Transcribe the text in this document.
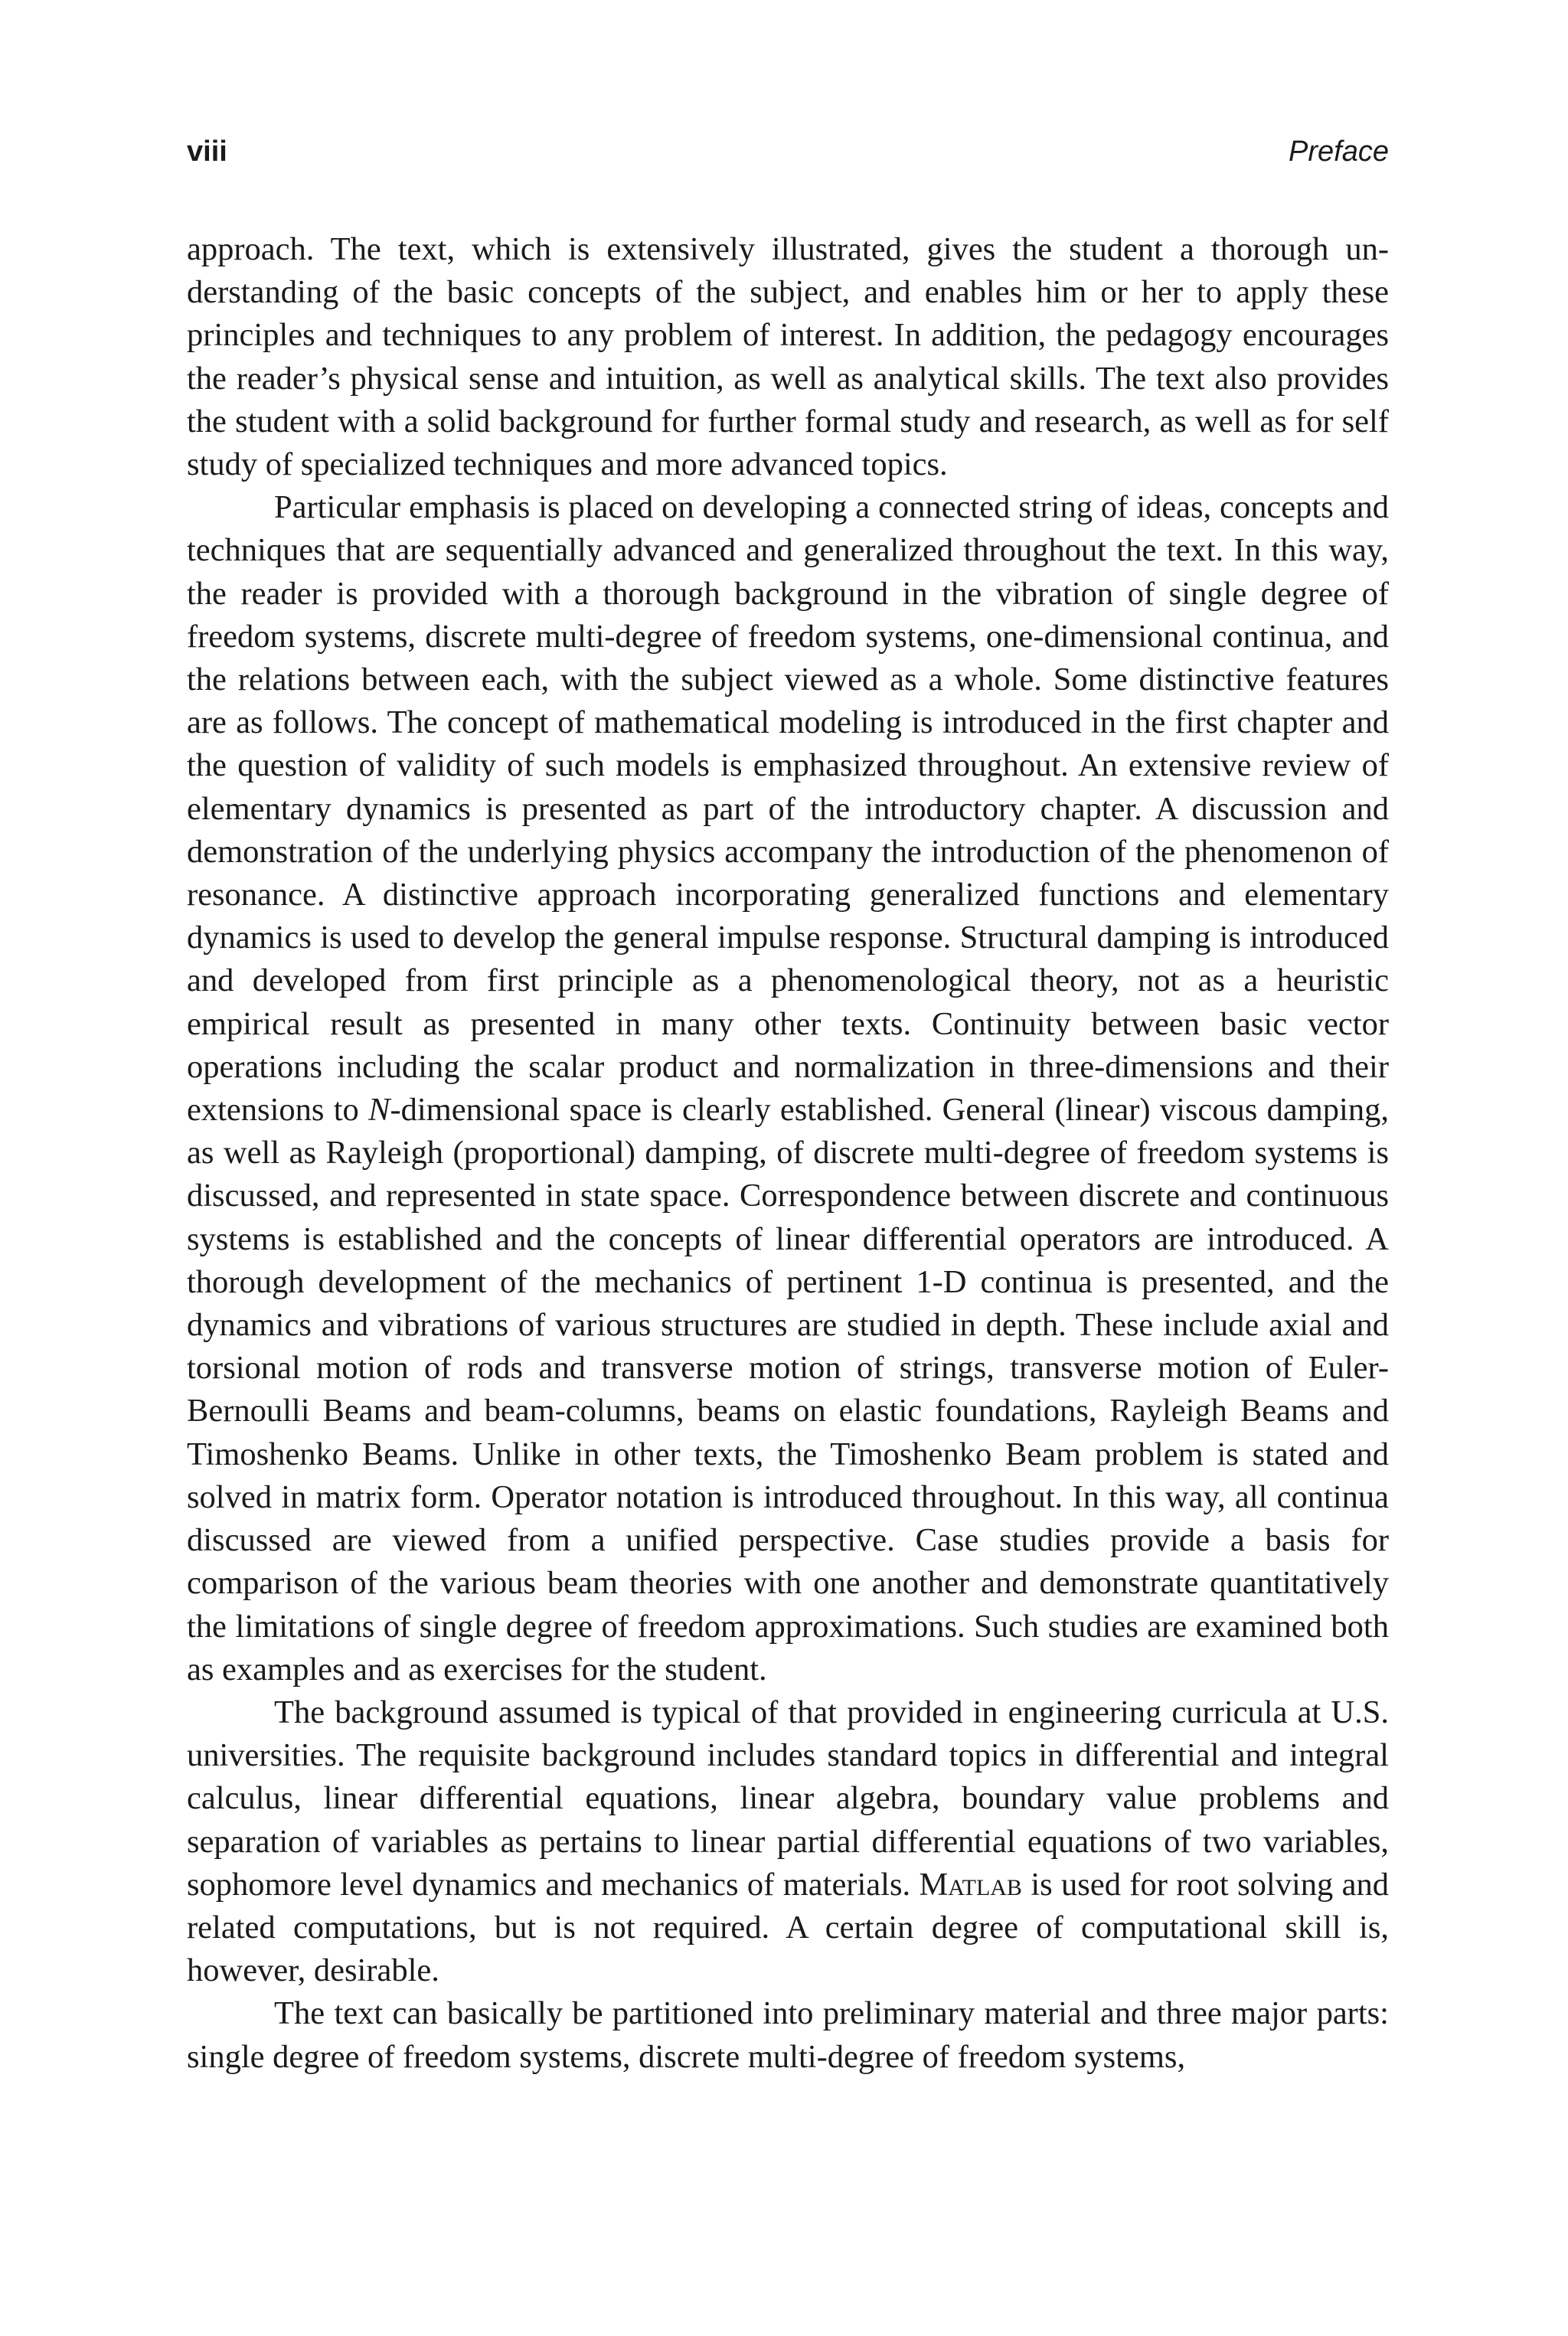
viii	Preface

approach. The text, which is extensively illustrated, gives the student a thorough understanding of the basic concepts of the subject, and enables him or her to apply these principles and techniques to any problem of interest. In addition, the pedagogy encourages the reader’s physical sense and intuition, as well as analytical skills. The text also provides the student with a solid background for further formal study and research, as well as for self study of specialized techniques and more advanced topics.

Particular emphasis is placed on developing a connected string of ideas, concepts and techniques that are sequentially advanced and generalized throughout the text. In this way, the reader is provided with a thorough background in the vibration of single degree of freedom systems, discrete multi-degree of freedom systems, one-dimensional continua, and the relations between each, with the subject viewed as a whole. Some distinctive features are as follows. The concept of mathematical modeling is introduced in the first chapter and the question of validity of such models is emphasized throughout. An extensive review of elementary dynamics is presented as part of the introductory chapter. A discussion and demonstration of the underlying physics accompany the introduction of the phenomenon of resonance. A distinctive approach incorporating generalized functions and elementary dynamics is used to develop the general impulse response. Structural damping is introduced and developed from first principle as a phenomenological theory, not as a heuristic empirical result as presented in many other texts. Continuity between basic vector operations including the scalar product and normalization in three-dimensions and their extensions to N-dimensional space is clearly established. General (linear) viscous damping, as well as Rayleigh (proportional) damping, of discrete multi-degree of freedom systems is discussed, and represented in state space. Correspondence between discrete and continuous systems is established and the concepts of linear differential operators are introduced. A thorough development of the mechanics of pertinent 1-D continua is presented, and the dynamics and vibrations of various structures are studied in depth. These include axial and torsional motion of rods and transverse motion of strings, transverse motion of Euler-Bernoulli Beams and beam-columns, beams on elastic foundations, Rayleigh Beams and Timoshenko Beams. Unlike in other texts, the Timoshenko Beam problem is stated and solved in matrix form. Operator notation is introduced throughout. In this way, all continua discussed are viewed from a unified perspective. Case studies provide a basis for comparison of the various beam theories with one another and demonstrate quantitatively the limitations of single degree of freedom approximations. Such studies are examined both as examples and as exercises for the student.

The background assumed is typical of that provided in engineering curricula at U.S. universities. The requisite background includes standard topics in differential and integral calculus, linear differential equations, linear algebra, boundary value problems and separation of variables as pertains to linear partial differential equations of two variables, sophomore level dynamics and mechanics of materials. Matlab is used for root solving and related computations, but is not required. A certain degree of computational skill is, however, desirable.

The text can basically be partitioned into preliminary material and three major parts: single degree of freedom systems, discrete multi-degree of freedom systems,
